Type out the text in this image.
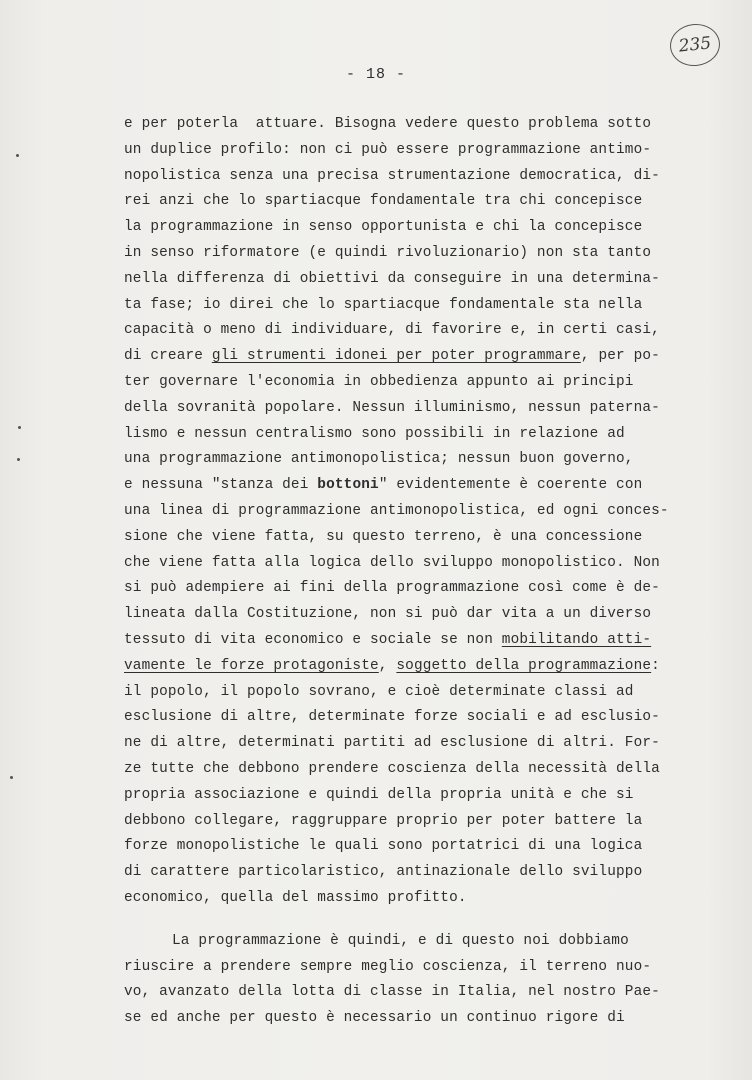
235
- 18 -
e per poterla  attuare. Bisogna vedere questo problema sotto
un duplice profilo: non ci può essere programmazione antimo-
nopolistica senza una precisa strumentazione democratica, di-
rei anzi che lo spartiacque fondamentale tra chi concepisce
la programmazione in senso opportunista e chi la concepisce
in senso riformatore (e quindi rivoluzionario) non sta tanto
nella differenza di obiettivi da conseguire in una determina-
ta fase; io direi che lo spartiacque fondamentale sta nella
capacità o meno di individuare, di favorire e, in certi casi,
di creare gli strumenti idonei per poter programmare, per po-
ter governare l'economia in obbedienza appunto ai principi
della sovranità popolare. Nessun illuminismo, nessun paterna-
lismo e nessun centralismo sono possibili in relazione ad
una programmazione antimonopolistica; nessun buon governo,
e nessuna "stanza dei bottoni" evidentemente è coerente con
una linea di programmazione antimonopolistica, ed ogni conces-
sione che viene fatta, su questo terreno, è una concessione
che viene fatta alla logica dello sviluppo monopolistico. Non
si può adempiere ai fini della programmazione così come è de-
lineata dalla Costituzione, non si può dar vita a un diverso
tessuto di vita economico e sociale se non mobilitando atti-
vamente le forze protagoniste, soggetto della programmazione:
il popolo, il popolo sovrano, e cioè determinate classi ad
esclusione di altre, determinate forze sociali e ad esclusio-
ne di altre, determinati partiti ad esclusione di altri. For-
ze tutte che debbono prendere coscienza della necessità della
propria associazione e quindi della propria unità e che si
debbono collegare, raggruppare proprio per poter battere la
forze monopolistiche le quali sono portatrici di una logica
di carattere particolaristico, antinazionale dello sviluppo
economico, quella del massimo profitto.
La programmazione è quindi, e di questo noi dobbiamo
riuscire a prendere sempre meglio coscienza, il terreno nuo-
vo, avanzato della lotta di classe in Italia, nel nostro Pae-
se ed anche per questo è necessario un continuo rigore di
